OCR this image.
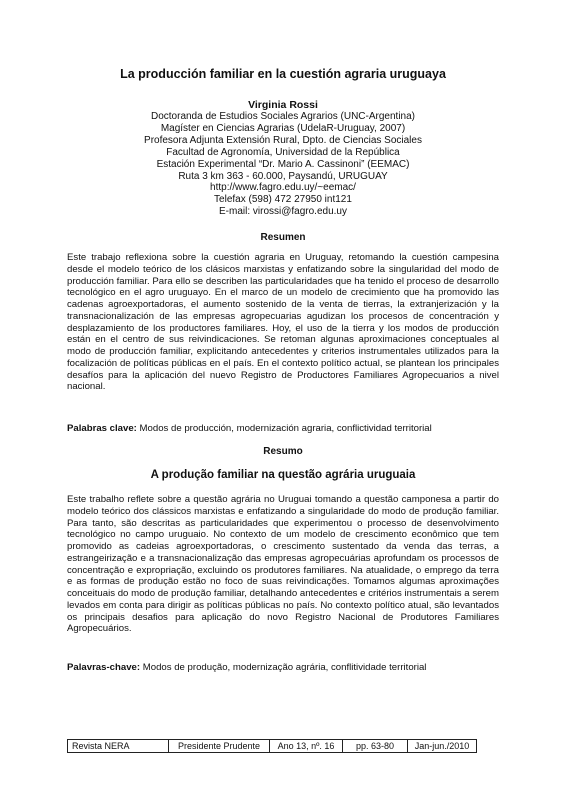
La producción familiar en la cuestión agraria uruguaya
Virginia Rossi
Doctoranda de Estudios Sociales Agrarios (UNC-Argentina)
Magíster en Ciencias Agrarias (UdelaR-Uruguay, 2007)
Profesora Adjunta Extensión Rural, Dpto. de Ciencias Sociales
Facultad de Agronomía, Universidad de la República
Estación Experimental “Dr. Mario A. Cassinoni” (EEMAC)
Ruta 3 km 363 - 60.000, Paysandú, URUGUAY
http://www.fagro.edu.uy/~eemac/
Telefax (598) 472 27950 int121
E-mail: virossi@fagro.edu.uy
Resumen

Este trabajo reflexiona sobre la cuestión agraria en Uruguay, retomando la cuestión campesina desde el modelo teórico de los clásicos marxistas y enfatizando sobre la singularidad del modo de producción familiar. Para ello se describen las particularidades que ha tenido el proceso de desarrollo tecnológico en el agro uruguayo. En el marco de un modelo de crecimiento que ha promovido las cadenas agroexportadoras, el aumento sostenido de la venta de tierras, la extranjerización y la transnacionalización de las empresas agropecuarias agudizan los procesos de concentración y desplazamiento de los productores familiares. Hoy, el uso de la tierra y los modos de producción están en el centro de sus reivindicaciones. Se retoman algunas aproximaciones conceptuales al modo de producción familiar, explicitando antecedentes y criterios instrumentales utilizados para la focalización de políticas públicas en el país. En el contexto político actual, se plantean los principales desafíos para la aplicación del nuevo Registro de Productores Familiares Agropecuarios a nivel nacional.

Palabras clave: Modos de producción, modernización agraria, conflictividad territorial

Resumo
A produção familiar na questão agrária uruguaia

Este trabalho reflete sobre a questão agrária no Uruguai tomando a questão camponesa a partir do modelo teórico dos clássicos marxistas e enfatizando a singularidade do modo de produção familiar. Para tanto, são descritas as particularidades que experimentou o processo de desenvolvimento tecnológico no campo uruguaio. No contexto de um modelo de crescimento econômico que tem promovido as cadeias agroexportadoras, o crescimento sustentado da venda das terras, a estrangeirização e a transnacionalização das empresas agropecuárias aprofundam os processos de concentração e expropriação, excluindo os produtores familiares. Na atualidade, o emprego da terra e as formas de produção estão no foco de suas reivindicações. Tomamos algumas aproximações conceituais do modo de produção familiar, detalhando antecedentes e critérios instrumentais a serem levados em conta para dirigir as políticas públicas no país. No contexto político atual, são levantados os principais desafios para aplicação do novo Registro Nacional de Produtores Familiares Agropecuários.

Palavras-chave: Modos de produção, modernização agrária, conflitividade territorial

Revista NERA	Presidente Prudente	Ano 13, nº. 16	pp. 63-80	Jan-jun./2010
